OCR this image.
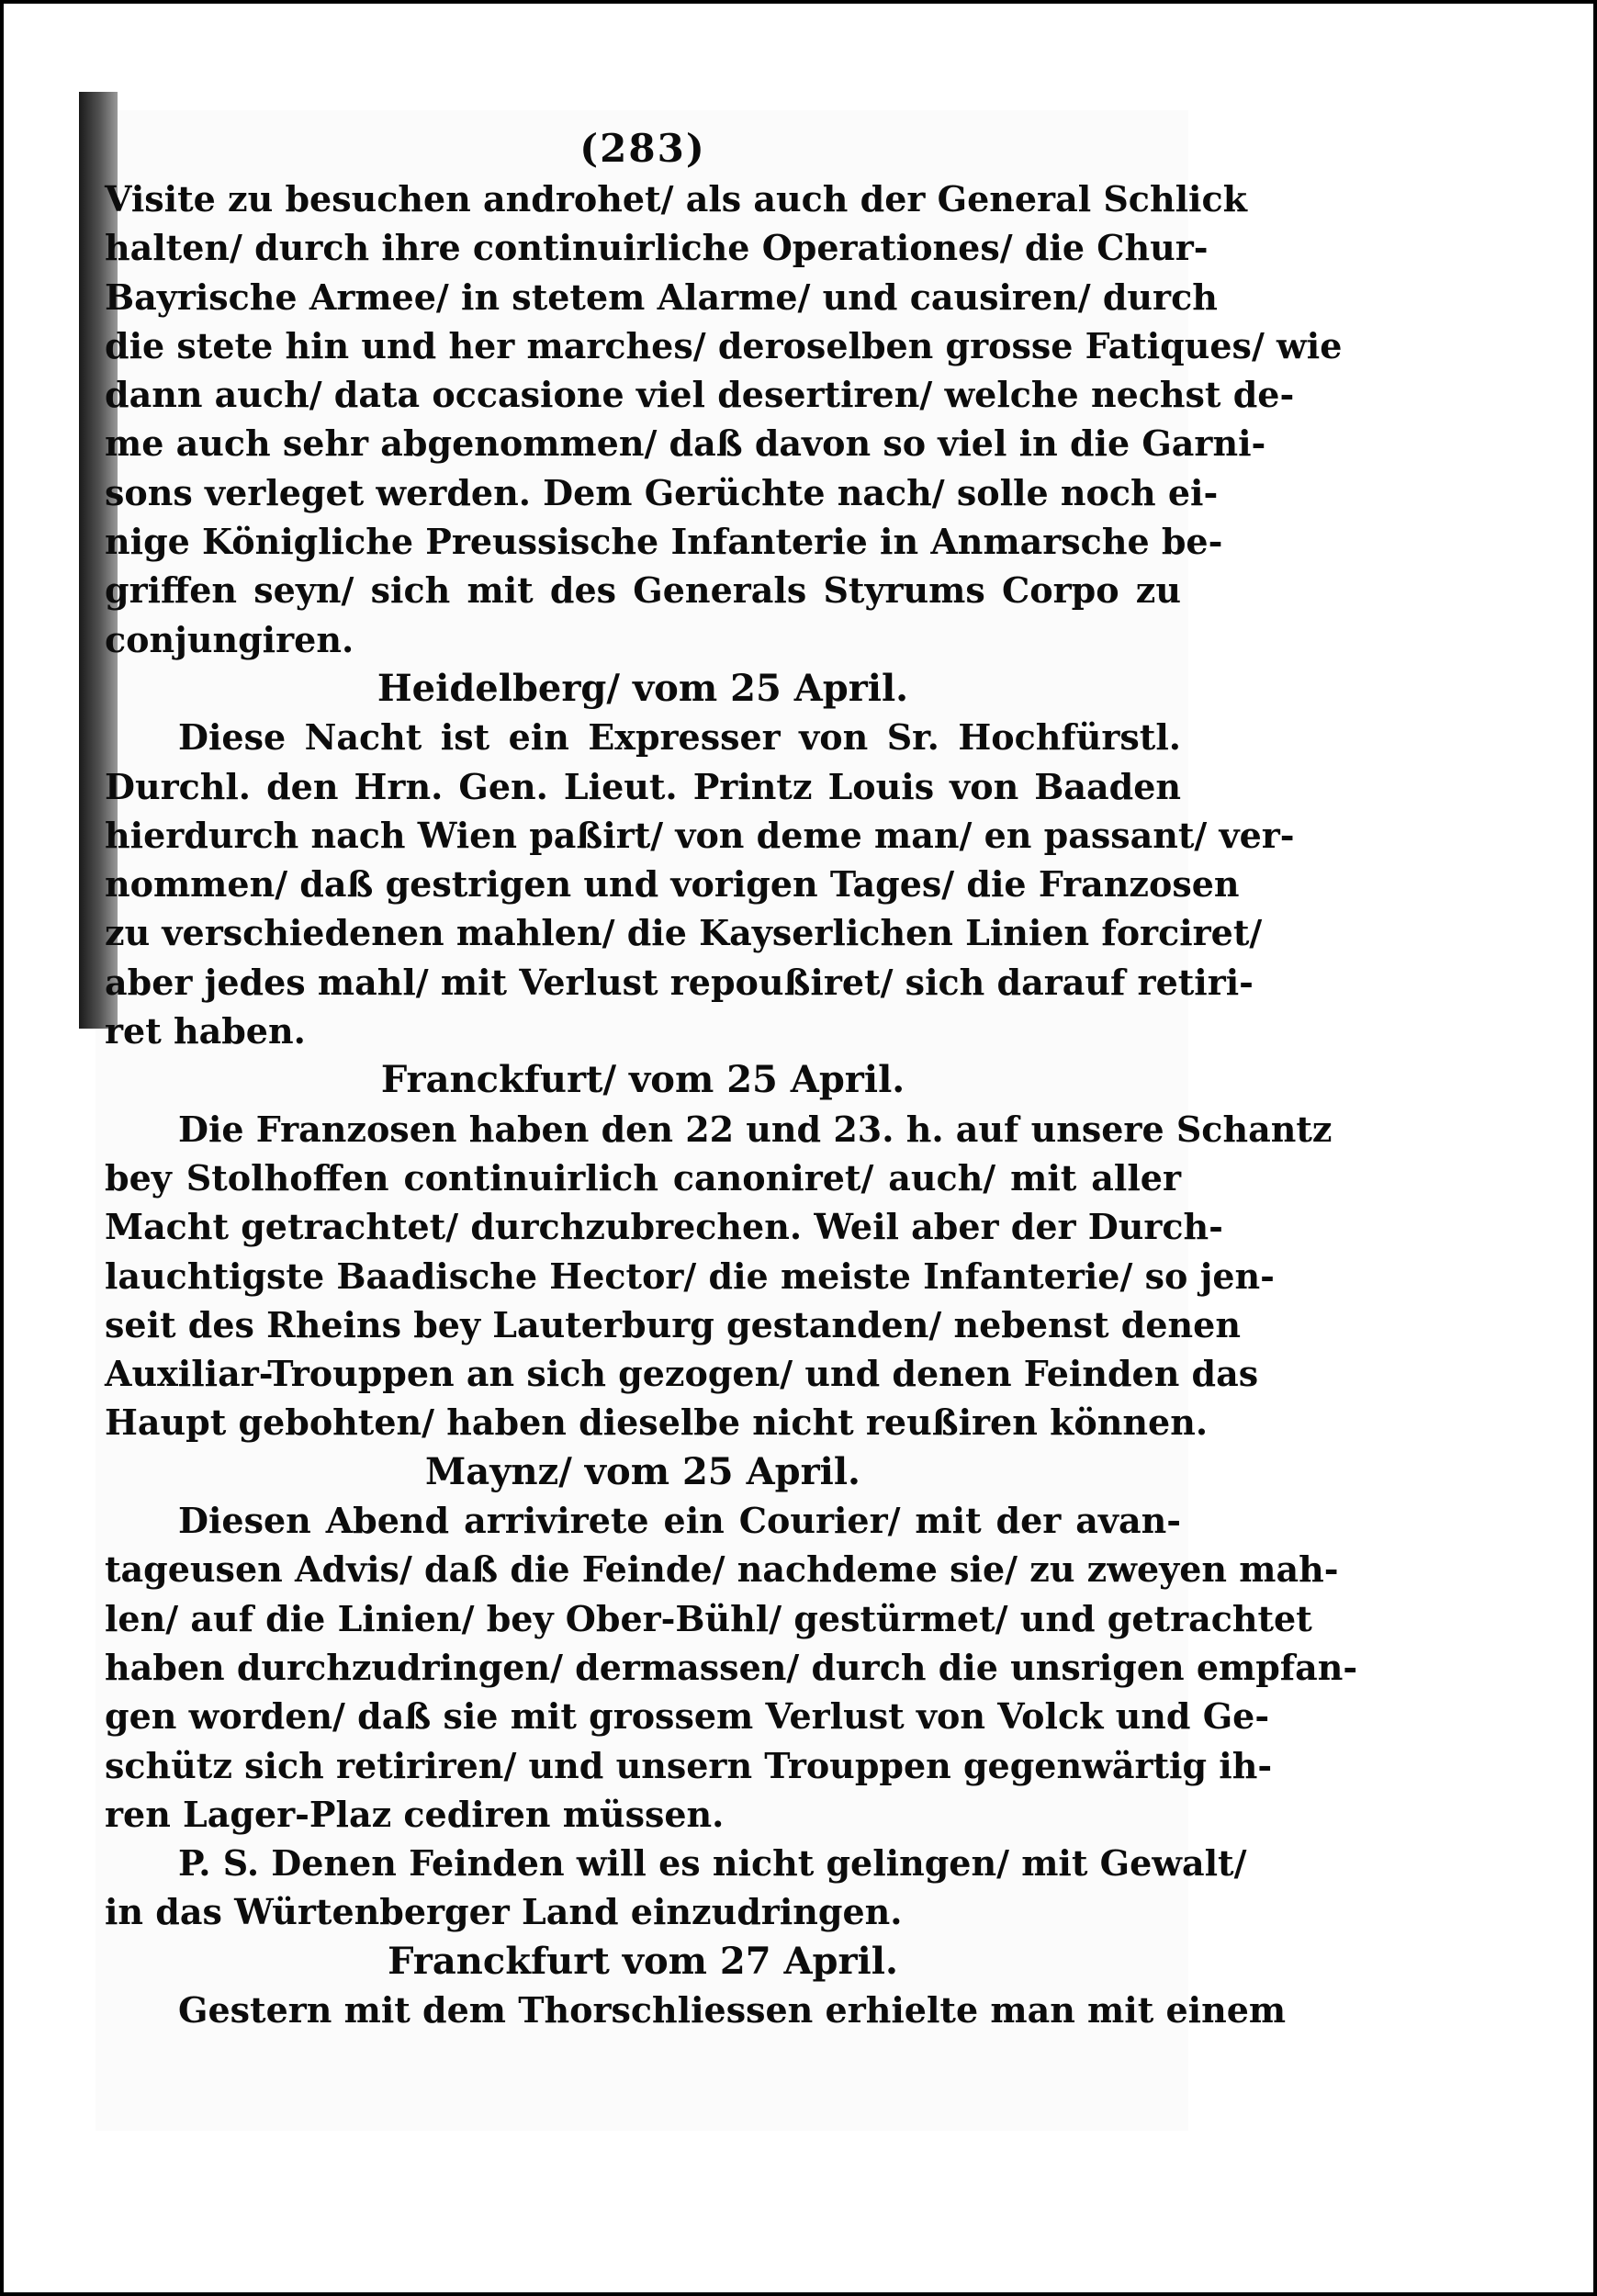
(283)
Visite zu besuchen androhet/ als auch der General Schlick
halten/ durch ihre continuirliche Operationes/ die Chur-
Bayrische Armee/ in stetem Alarme/ und causiren/ durch
die stete hin und her marches/ deroselben grosse Fatiques/ wie
dann auch/ data occasione viel desertiren/ welche nechst de-
me auch sehr abgenommen/ daß davon so viel in die Garni-
sons verleget werden. Dem Gerüchte nach/ solle noch ei-
nige Königliche Preussische Infanterie in Anmarsche be-
griffen seyn/ sich mit des Generals Styrums Corpo zu
conjungiren.
Heidelberg/ vom 25 April.
Diese Nacht ist ein Expresser von Sr. Hochfürstl.
Durchl. den Hrn. Gen. Lieut. Printz Louis von Baaden
hierdurch nach Wien paßirt/ von deme man/ en passant/ ver-
nommen/ daß gestrigen und vorigen Tages/ die Franzosen
zu verschiedenen mahlen/ die Kayserlichen Linien forciret/
aber jedes mahl/ mit Verlust repoußiret/ sich darauf retiri-
ret haben.
Franckfurt/ vom 25 April.
Die Franzosen haben den 22 und 23. h. auf unsere Schantz
bey Stolhoffen continuirlich canoniret/ auch/ mit aller
Macht getrachtet/ durchzubrechen. Weil aber der Durch-
lauchtigste Baadische Hector/ die meiste Infanterie/ so jen-
seit des Rheins bey Lauterburg gestanden/ nebenst denen
Auxiliar-Trouppen an sich gezogen/ und denen Feinden das
Haupt gebohten/ haben dieselbe nicht reußiren können.
Maynz/ vom 25 April.
Diesen Abend arrivirete ein Courier/ mit der avan-
tageusen Advis/ daß die Feinde/ nachdeme sie/ zu zweyen mah-
len/ auf die Linien/ bey Ober-Bühl/ gestürmet/ und getrachtet
haben durchzudringen/ dermassen/ durch die unsrigen empfan-
gen worden/ daß sie mit grossem Verlust von Volck und Ge-
schütz sich retiriren/ und unsern Trouppen gegenwärtig ih-
ren Lager-Plaz cediren müssen.
P. S. Denen Feinden will es nicht gelingen/ mit Gewalt/
in das Würtenberger Land einzudringen.
Franckfurt vom 27 April.
Gestern mit dem Thorschliessen erhielte man mit einem
